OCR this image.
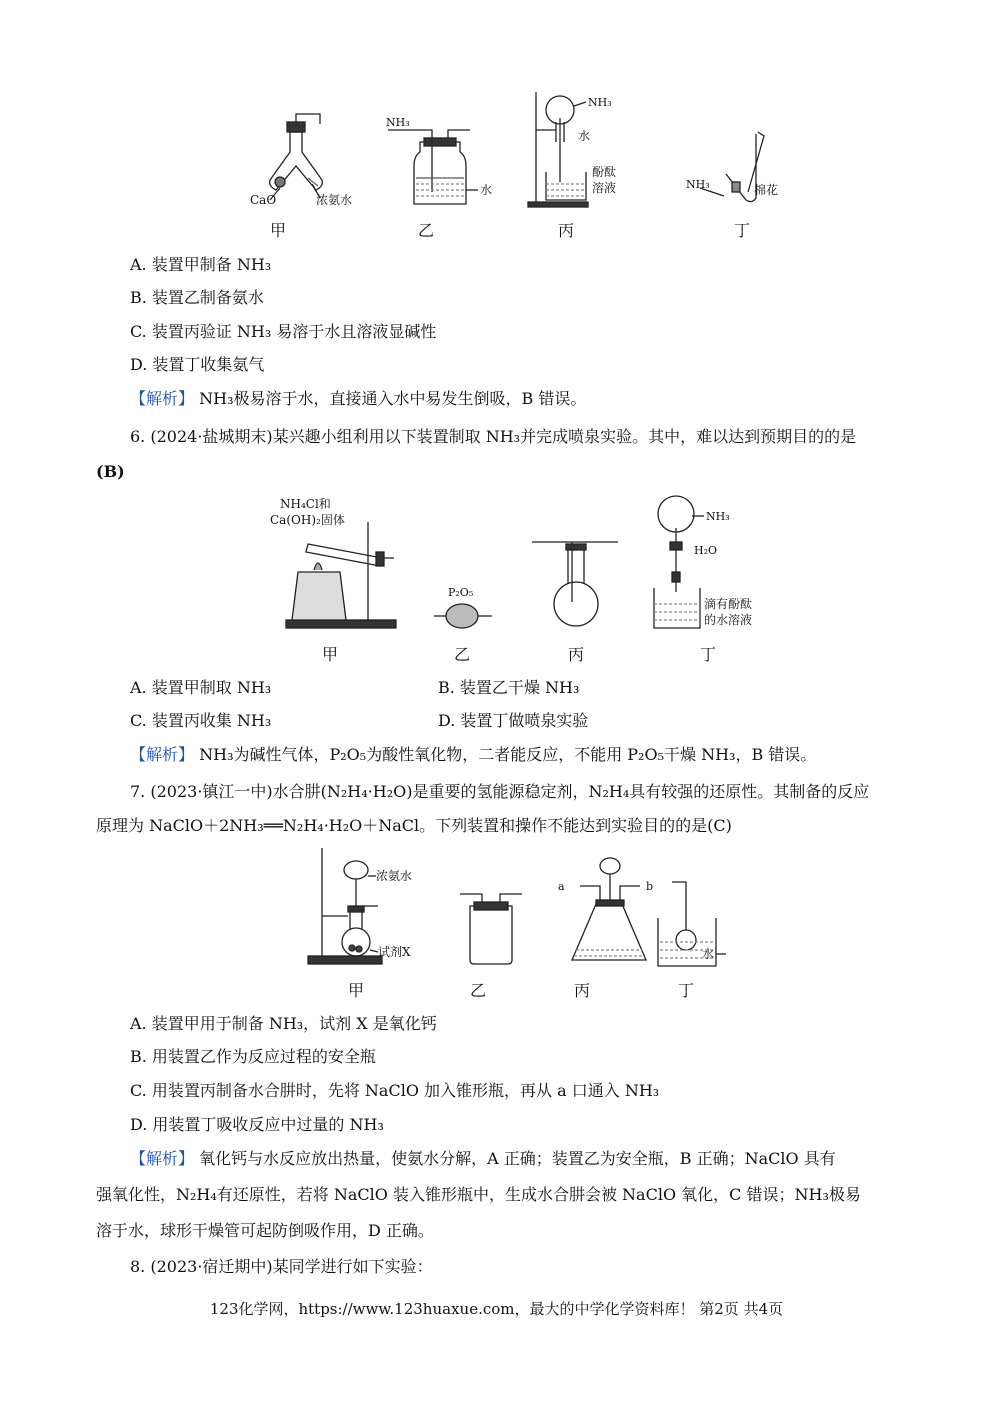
CaO	浓氨水
NH₃
水
NH₃
水
酚酞
溶液	NH₃	棉花
甲	乙	丙	丁
A. 装置甲制备 NH₃
B. 装置乙制备氨水
C. 装置丙验证 NH₃ 易溶于水且溶液显碱性
D. 装置丁收集氨气
【解析】 NH₃极易溶于水，直接通入水中易发生倒吸，B 错误。
6. (2024·盐城期末)某兴趣小组利用以下装置制取 NH₃并完成喷泉实验。其中，难以达到预期目的的是
(B)
NH₄Cl和
Ca(OH)₂固体
P₂O₅
NH₃
H₂O
滴有酚酞
的水溶液
甲	乙	丙	丁
A. 装置甲制取 NH₃	B. 装置乙干燥 NH₃
C. 装置丙收集 NH₃	D. 装置丁做喷泉实验
【解析】 NH₃为碱性气体，P₂O₅为酸性氧化物，二者能反应，不能用 P₂O₅干燥 NH₃，B 错误。
7. (2023·镇江一中)水合肼(N₂H₄·H₂O)是重要的氢能源稳定剂，N₂H₄具有较强的还原性。其制备的反应
原理为 NaClO＋2NH₃══N₂H₄·H₂O＋NaCl。下列装置和操作不能达到实验目的的是(C)
浓氨水
试剂X
a	b
水
甲	乙	丙	丁
A. 装置甲用于制备 NH₃，试剂 X 是氧化钙
B. 用装置乙作为反应过程的安全瓶
C. 用装置丙制备水合肼时，先将 NaClO 加入锥形瓶，再从 a 口通入 NH₃
D. 用装置丁吸收反应中过量的 NH₃
【解析】 氧化钙与水反应放出热量，使氨水分解，A 正确；装置乙为安全瓶，B 正确；NaClO 具有
强氧化性，N₂H₄有还原性，若将 NaClO 装入锥形瓶中，生成水合肼会被 NaClO 氧化，C 错误；NH₃极易
溶于水，球形干燥管可起防倒吸作用，D 正确。
8. (2023·宿迁期中)某同学进行如下实验：
123化学网，https://www.123huaxue.com，最大的中学化学资料库！ 第2页 共4页
